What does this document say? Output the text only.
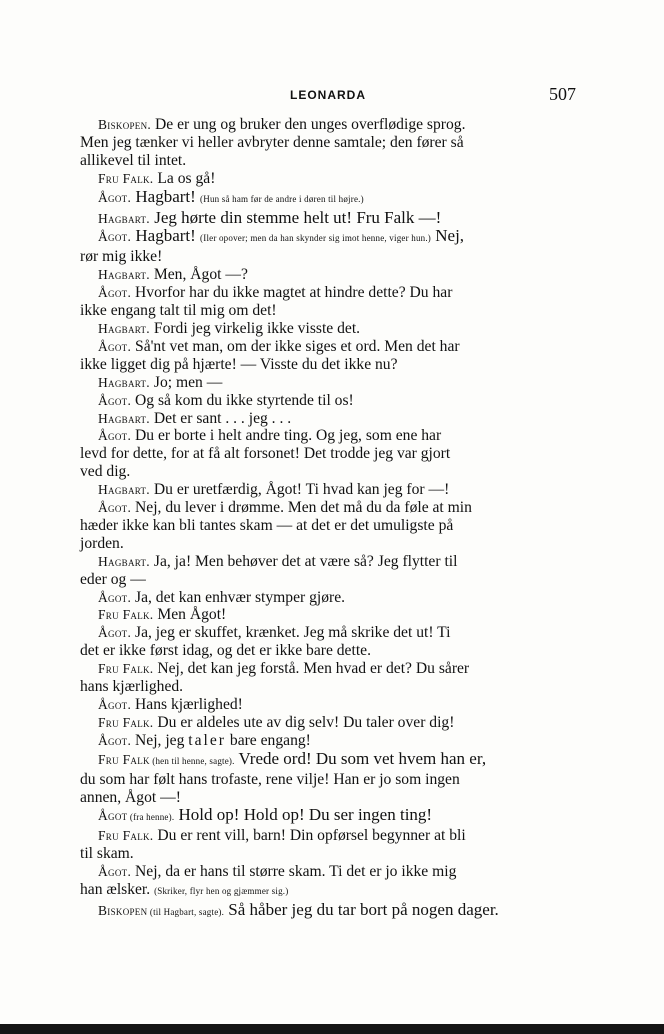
LEONARDA	507

Biskopen. De er ung og bruker den unges overflødige sprog.

Men jeg tænker vi heller avbryter denne samtale; den fører så

allikevel til intet.

Fru Falk. La os gå!

Ågot. Hagbart! (Hun så ham før de andre i døren til højre.)

Hagbart. Jeg hørte din stemme helt ut! Fru Falk —!

Ågot. Hagbart! (Iler opover; men da han skynder sig imot henne, viger hun.) Nej,

rør mig ikke!

Hagbart. Men, Ågot —?

Ågot. Hvorfor har du ikke magtet at hindre dette? Du har

ikke engang talt til mig om det!

Hagbart. Fordi jeg virkelig ikke visste det.

Ågot. Så'nt vet man, om der ikke siges et ord. Men det har

ikke ligget dig på hjærte! — Visste du det ikke nu?

Hagbart. Jo; men —

Ågot. Og så kom du ikke styrtende til os!

Hagbart. Det er sant . . . jeg . . .

Ågot. Du er borte i helt andre ting. Og jeg, som ene har

levd for dette, for at få alt forsonet! Det trodde jeg var gjort

ved dig.

Hagbart. Du er uretfærdig, Ågot! Ti hvad kan jeg for —!

Ågot. Nej, du lever i drømme. Men det må du da føle at min

hæder ikke kan bli tantes skam — at det er det umuligste på

jorden.

Hagbart. Ja, ja! Men behøver det at være så? Jeg flytter til

eder og —

Ågot. Ja, det kan enhvær stymper gjøre.

Fru Falk. Men Ågot!

Ågot. Ja, jeg er skuffet, krænket. Jeg må skrike det ut! Ti

det er ikke først idag, og det er ikke bare dette.

Fru Falk. Nej, det kan jeg forstå. Men hvad er det? Du sårer

hans kjærlighed.

Ågot. Hans kjærlighed!

Fru Falk. Du er aldeles ute av dig selv! Du taler over dig!

Ågot. Nej, jeg taler bare engang!

Fru Falk (hen til henne, sagte). Vrede ord! Du som vet hvem han er,

du som har følt hans trofaste, rene vilje! Han er jo som ingen

annen, Ågot —!

Ågot (fra henne). Hold op! Hold op! Du ser ingen ting!

Fru Falk. Du er rent vill, barn! Din opførsel begynner at bli

til skam.

Ågot. Nej, da er hans til større skam. Ti det er jo ikke mig

han ælsker. (Skriker, flyr hen og gjæmmer sig.)

Biskopen (til Hagbart, sagte). Så håber jeg du tar bort på nogen dager.
